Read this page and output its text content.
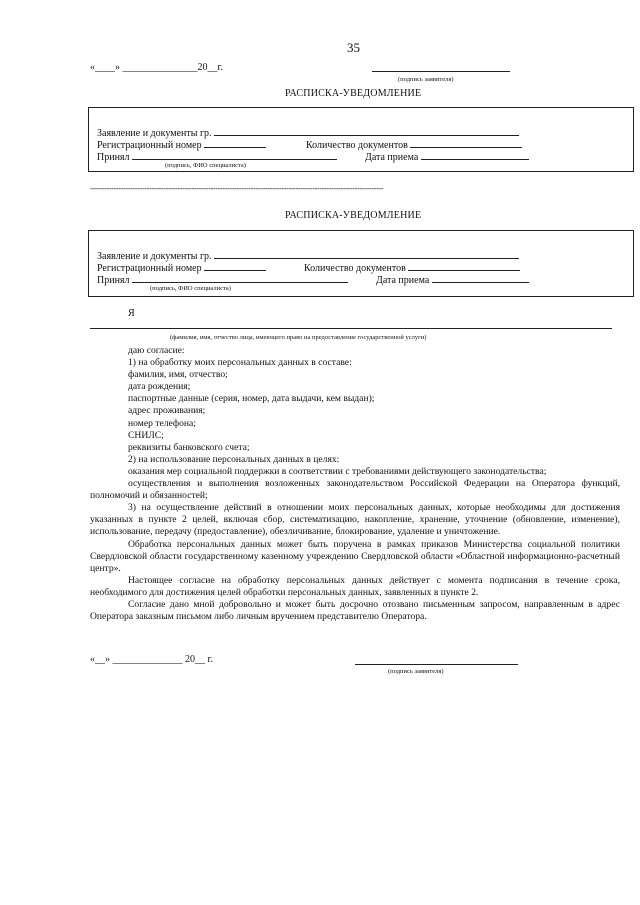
35
«____» _______________20__г.
(подпись заявителя)
РАСПИСКА-УВЕДОМЛЕНИЕ
Заявление и документы гр.
Регистрационный номер	Количество документов
Принял	Дата приема
(подпись, ФИО специалиста)
----------------------------------------------------------------------------------------------------------------------------
РАСПИСКА-УВЕДОМЛЕНИЕ
Заявление и документы гр.
Регистрационный номер	Количество документов
Принял	Дата приема
(подпись, ФИО специалиста)
Я
(фамилия, имя, отчество лица, имеющего право на предоставление государственной услуги)

даю согласие:

1) на обработку моих персональных данных в составе:

фамилия, имя, отчество;

дата рождения;

паспортные данные (серия, номер, дата выдачи, кем выдан);

адрес проживания;

номер телефона;

СНИЛС;

реквизиты банковского счета;

2) на использование персональных данных в целях:

оказания мер социальной поддержки в соответствии с требованиями действующего законодательства;

осуществления и выполнения возложенных законодательством Российской Федерации на Оператора функций, полномочий и обязанностей;

3) на осуществление действий в отношении моих персональных данных, которые необходимы для достижения указанных в пункте 2 целей, включая сбор, систематизацию, накопление, хранение, уточнение (обновление, изменение), использование, передачу (предоставление), обезличивание, блокирование, удаление и уничтожение.

Обработка персональных данных может быть поручена в рамках приказов Министерства социальной политики Свердловской области государственному казенному учреждению Свердловской области «Областной информационно-расчетный центр».

Настоящее согласие на обработку персональных данных действует с момента подписания в течение срока, необходимого для достижения целей обработки персональных данных, заявленных в пункте 2.

Согласие дано мной добровольно и может быть досрочно отозвано письменным запросом, направленным в адрес Оператора заказным письмом либо личным вручением представителю Оператора.

«__» ______________ 20__ г.
(подпись заявителя)
